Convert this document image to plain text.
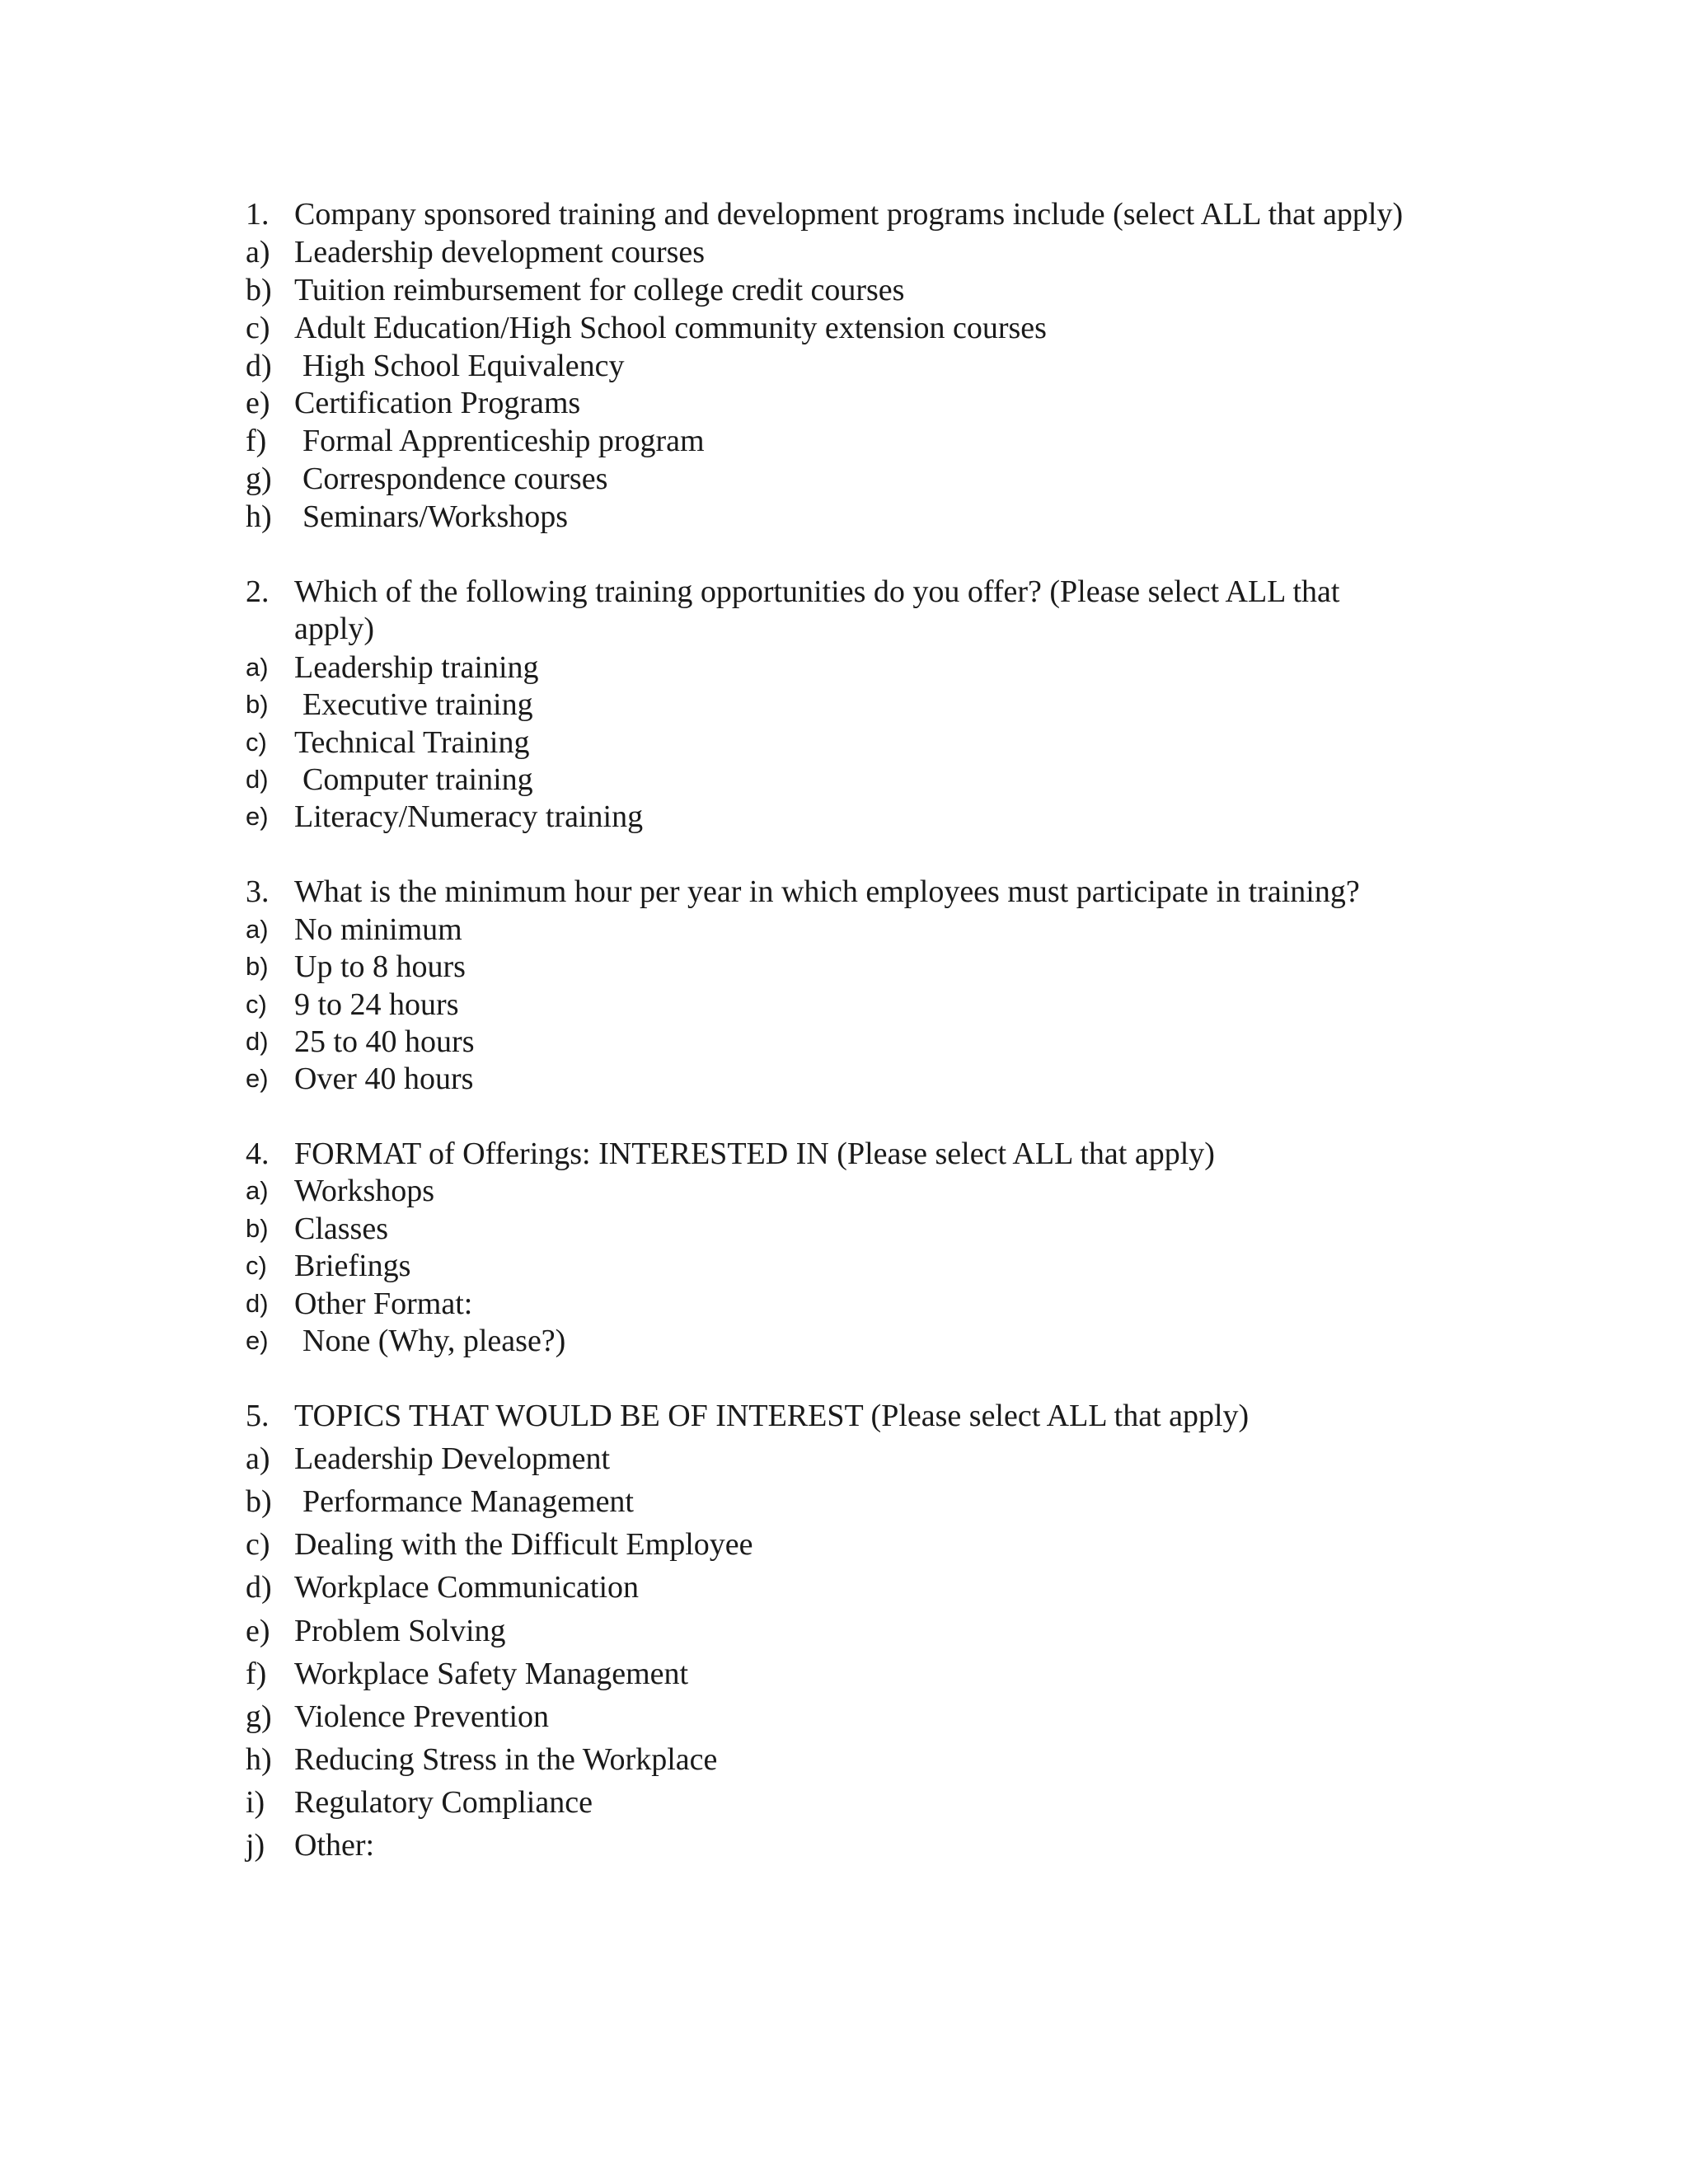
1. Company sponsored training and development programs include (select ALL that apply)
a) Leadership development courses
b) Tuition reimbursement for college credit courses
c) Adult Education/High School community extension courses
d) High School Equivalency
e) Certification Programs
f) Formal Apprenticeship program
g) Correspondence courses
h) Seminars/Workshops
2. Which of the following training opportunities do you offer? (Please select ALL that
apply)
a) Leadership training
b) Executive training
c) Technical Training
d) Computer training
e) Literacy/Numeracy training
3. What is the minimum hour per year in which employees must participate in training?
a) No minimum
b) Up to 8 hours
c) 9 to 24 hours
d) 25 to 40 hours
e) Over 40 hours
4. FORMAT of Offerings: INTERESTED IN (Please select ALL that apply)
a) Workshops
b) Classes
c) Briefings
d) Other Format:
e) None (Why, please?)
5. TOPICS THAT WOULD BE OF INTEREST (Please select ALL that apply)
a) Leadership Development
b) Performance Management
c) Dealing with the Difficult Employee
d) Workplace Communication
e) Problem Solving
f) Workplace Safety Management
g) Violence Prevention
h) Reducing Stress in the Workplace
i) Regulatory Compliance
j) Other:
